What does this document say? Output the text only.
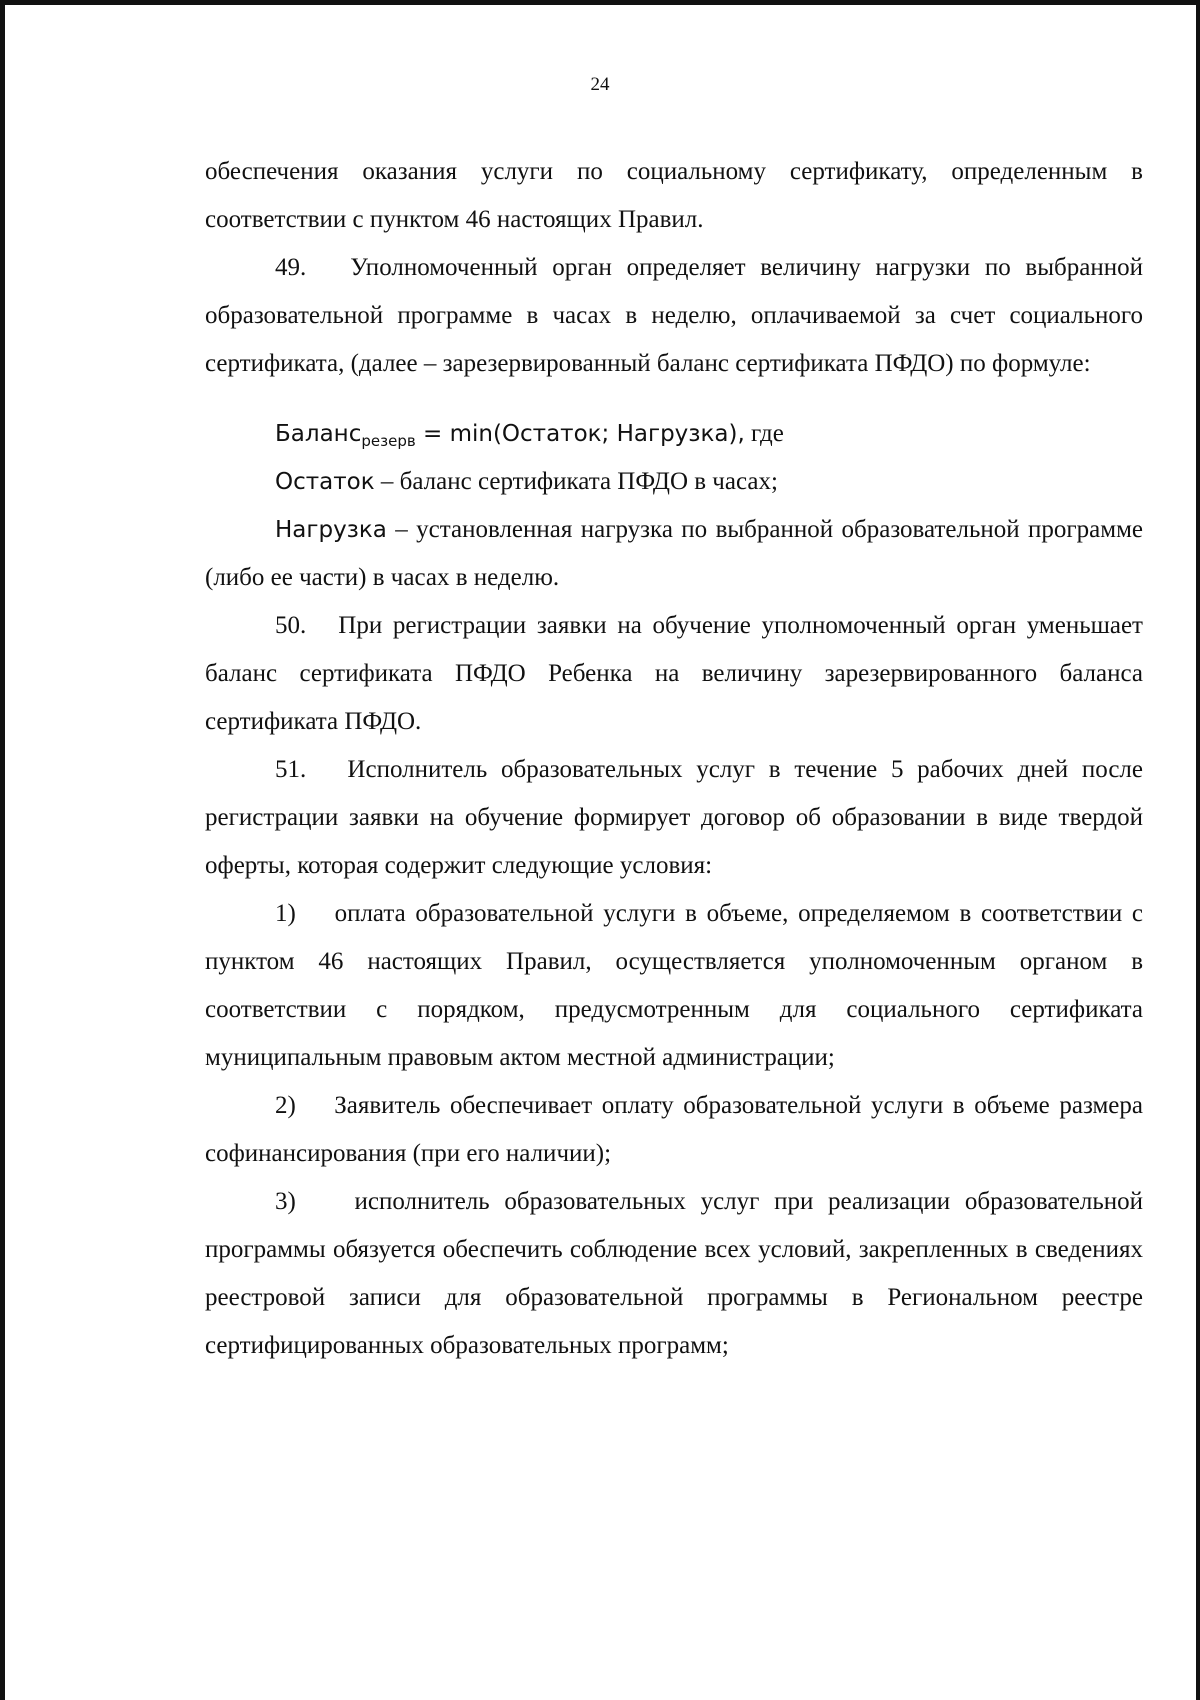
24

обеспечения оказания услуги по социальному сертификату, определенным в соответствии с пунктом 46 настоящих Правил.

49.   Уполномоченный орган определяет величину нагрузки по выбранной образовательной программе в часах в неделю, оплачиваемой за счет социального сертификата, (далее – зарезервированный баланс сертификата ПФДО) по формуле:

Баланс$_{резерв}$ = min(Остаток; Нагрузка), где
Остаток – баланс сертификата ПФДО в часах;
Нагрузка – установленная нагрузка по выбранной образовательной программе (либо ее части) в часах в неделю.

50.   При регистрации заявки на обучение уполномоченный орган уменьшает баланс сертификата ПФДО Ребенка на величину зарезервированного баланса сертификата ПФДО.

51.   Исполнитель образовательных услуг в течение 5 рабочих дней после регистрации заявки на обучение формирует договор об образовании в виде твердой оферты, которая содержит следующие условия:

1)    оплата образовательной услуги в объеме, определяемом в соответствии с пунктом 46 настоящих Правил, осуществляется уполномоченным органом в соответствии с порядком, предусмотренным для социального сертификата муниципальным правовым актом местной администрации;

2)    Заявитель обеспечивает оплату образовательной услуги в объеме размера софинансирования (при его наличии);

3)    исполнитель образовательных услуг при реализации образовательной программы обязуется обеспечить соблюдение всех условий, закрепленных в сведениях реестровой записи для образовательной программы в Региональном реестре сертифицированных образовательных программ;
